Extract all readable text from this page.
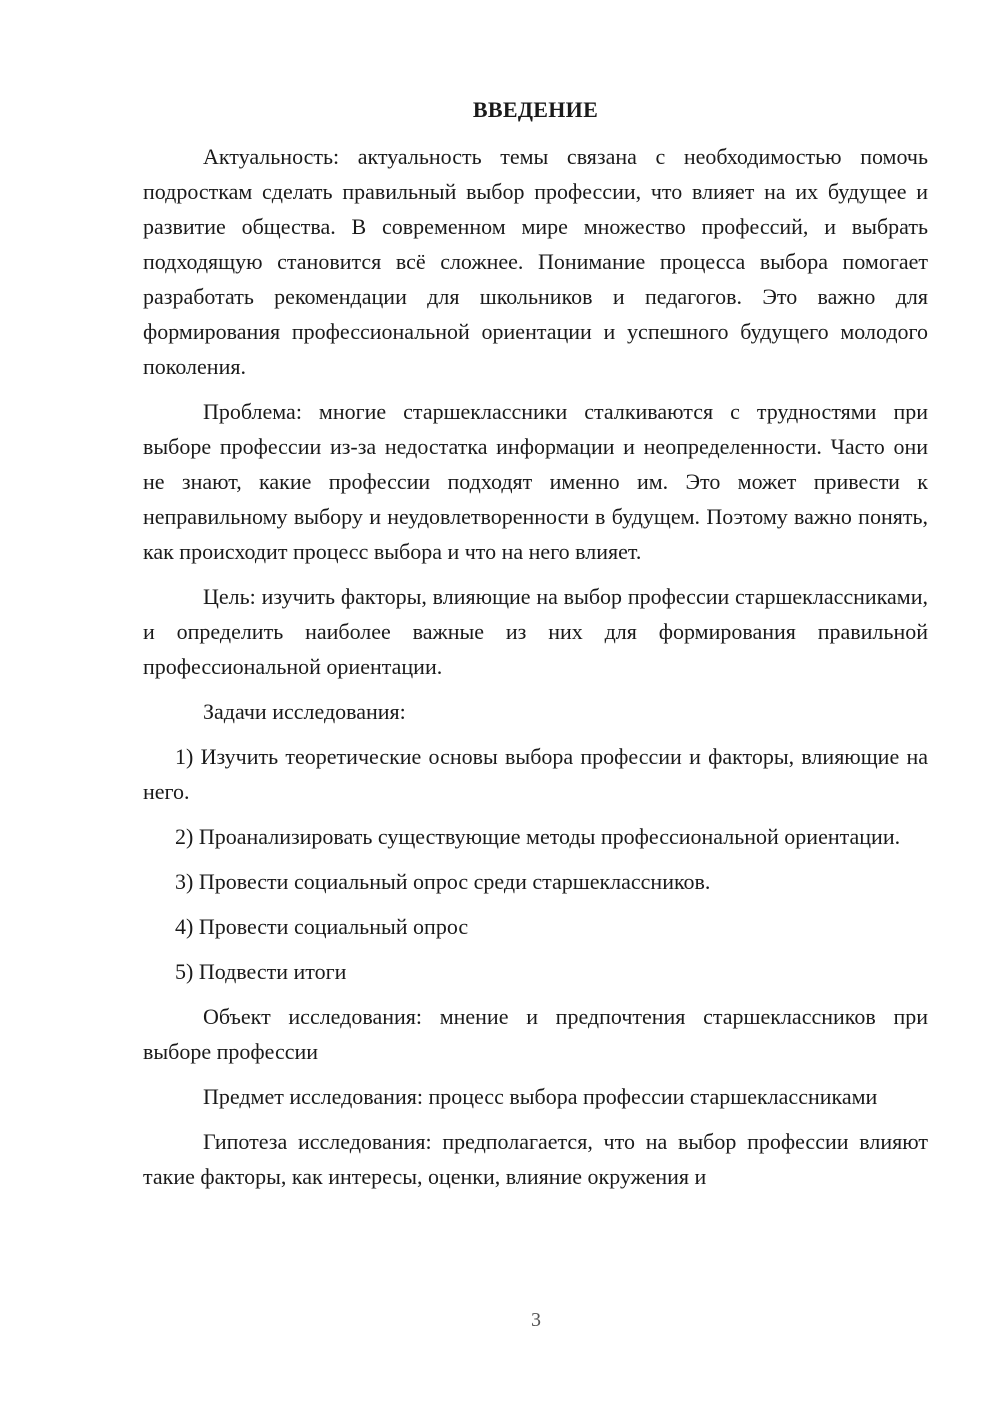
ВВЕДЕНИЕ

Актуальность: актуальность темы связана с необходимостью помочь подросткам сделать правильный выбор профессии, что влияет на их будущее и развитие общества. В современном мире множество профессий, и выбрать подходящую становится всё сложнее. Понимание процесса выбора помогает разработать рекомендации для школьников и педагогов. Это важно для формирования профессиональной ориентации и успешного будущего молодого поколения.

Проблема: многие старшеклассники сталкиваются с трудностями при выборе профессии из-за недостатка информации и неопределенности. Часто они не знают, какие профессии подходят именно им. Это может привести к неправильному выбору и неудовлетворенности в будущем. Поэтому важно понять, как происходит процесс выбора и что на него влияет.

Цель: изучить факторы, влияющие на выбор профессии старшеклассниками, и определить наиболее важные из них для формирования правильной профессиональной ориентации.

Задачи исследования:

1) Изучить теоретические основы выбора профессии и факторы, влияющие на него.

2) Проанализировать существующие методы профессиональной ориентации.

3) Провести социальный опрос среди старшеклассников.

4) Провести социальный опрос

5) Подвести итоги

Объект исследования: мнение и предпочтения старшеклассников при выборе профессии

Предмет исследования: процесс выбора профессии старшеклассниками

Гипотеза исследования: предполагается, что на выбор профессии влияют такие факторы, как интересы, оценки, влияние окружения и

3
